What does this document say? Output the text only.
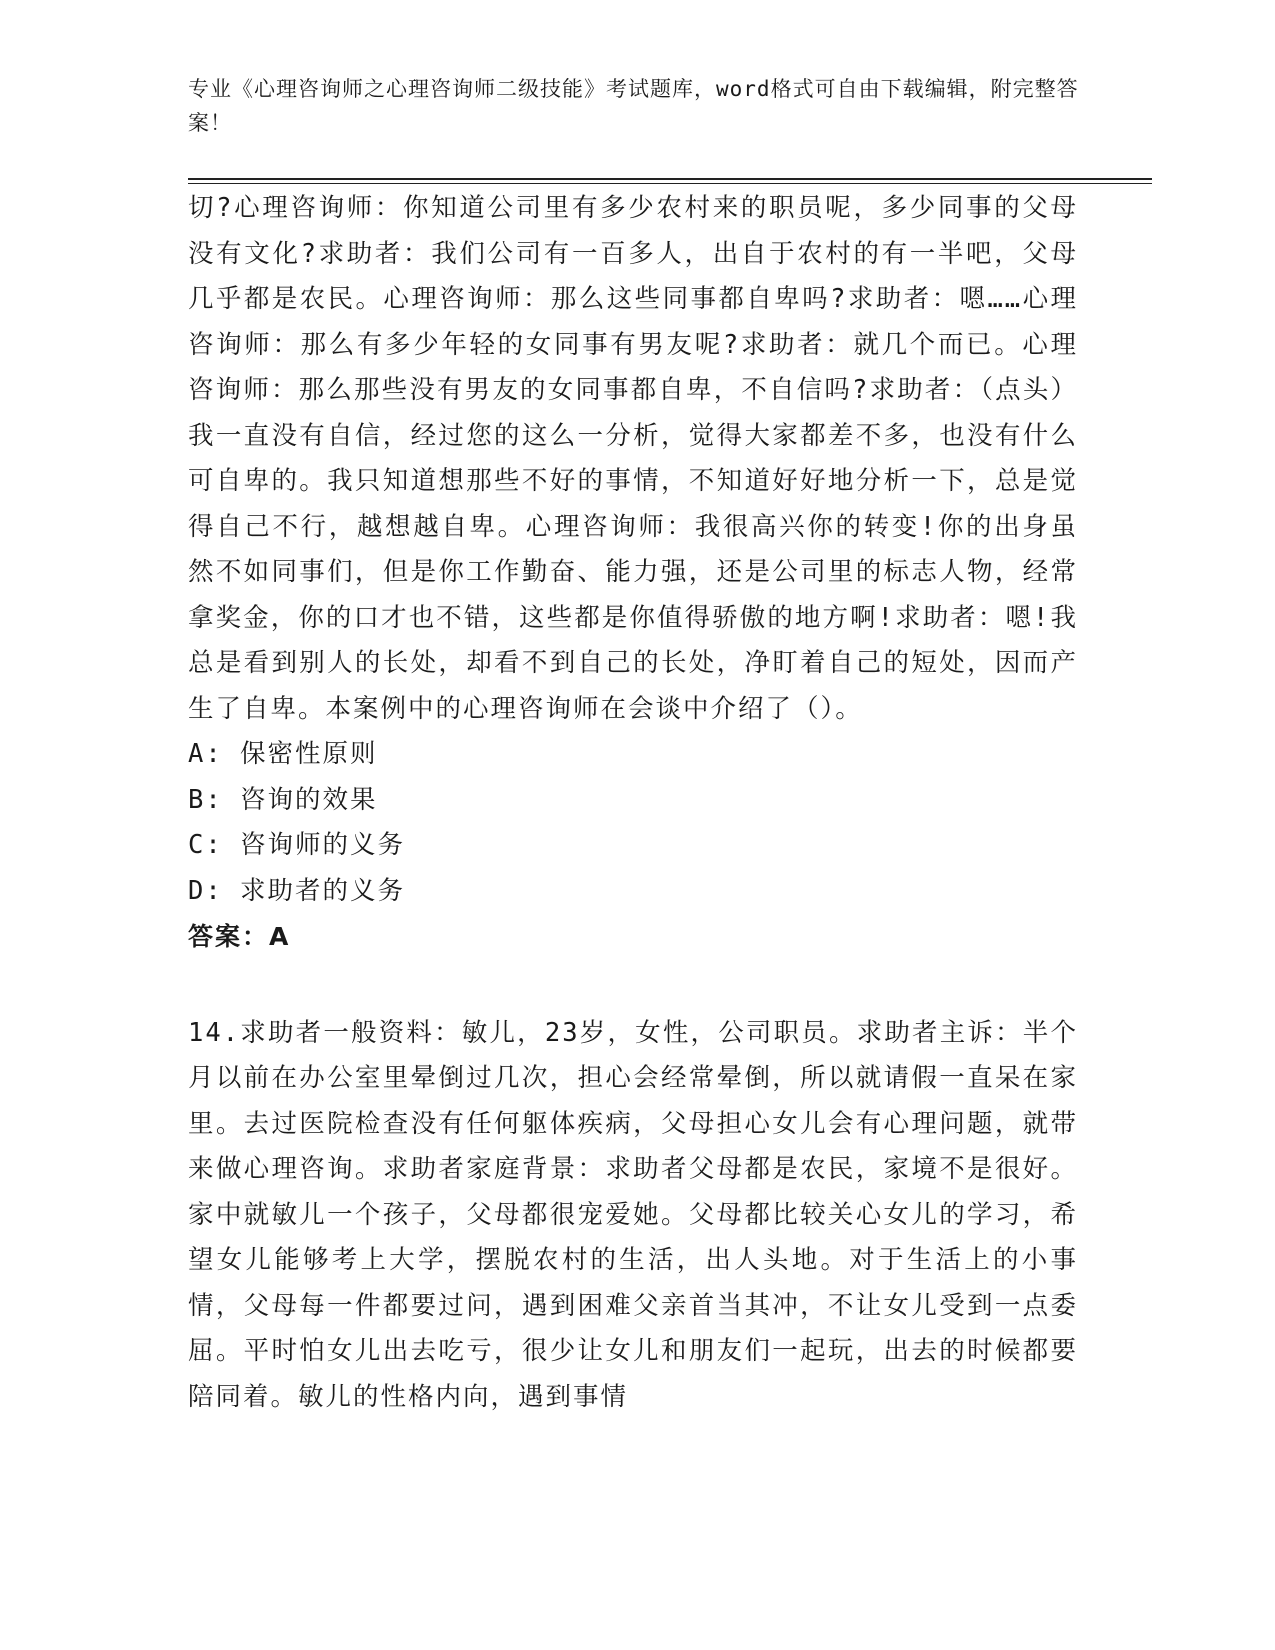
专业《心理咨询师之心理咨询师二级技能》考试题库，word格式可自由下载编辑，附完整答案！

切?心理咨询师：你知道公司里有多少农村来的职员呢，多少同事的父母没有文化?求助者：我们公司有一百多人，出自于农村的有一半吧，父母几乎都是农民。心理咨询师：那么这些同事都自卑吗?求助者：嗯……心理咨询师：那么有多少年轻的女同事有男友呢?求助者：就几个而已。心理咨询师：那么那些没有男友的女同事都自卑，不自信吗?求助者：（点头）我一直没有自信，经过您的这么一分析，觉得大家都差不多，也没有什么可自卑的。我只知道想那些不好的事情，不知道好好地分析一下，总是觉得自己不行，越想越自卑。心理咨询师：我很高兴你的转变!你的出身虽然不如同事们，但是你工作勤奋、能力强，还是公司里的标志人物，经常拿奖金，你的口才也不错，这些都是你值得骄傲的地方啊!求助者：嗯!我总是看到别人的长处，却看不到自己的长处，净盯着自己的短处，因而产生了自卑。本案例中的心理咨询师在会谈中介绍了（）。

A: 保密性原则

B: 咨询的效果

C: 咨询师的义务

D: 求助者的义务

答案：A

14.求助者一般资料：敏儿，23岁，女性，公司职员。求助者主诉：半个月以前在办公室里晕倒过几次，担心会经常晕倒，所以就请假一直呆在家里。去过医院检查没有任何躯体疾病，父母担心女儿会有心理问题，就带来做心理咨询。求助者家庭背景：求助者父母都是农民，家境不是很好。家中就敏儿一个孩子，父母都很宠爱她。父母都比较关心女儿的学习，希望女儿能够考上大学，摆脱农村的生活，出人头地。对于生活上的小事情，父母每一件都要过问，遇到困难父亲首当其冲，不让女儿受到一点委屈。平时怕女儿出去吃亏，很少让女儿和朋友们一起玩，出去的时候都要陪同着。敏儿的性格内向，遇到事情
